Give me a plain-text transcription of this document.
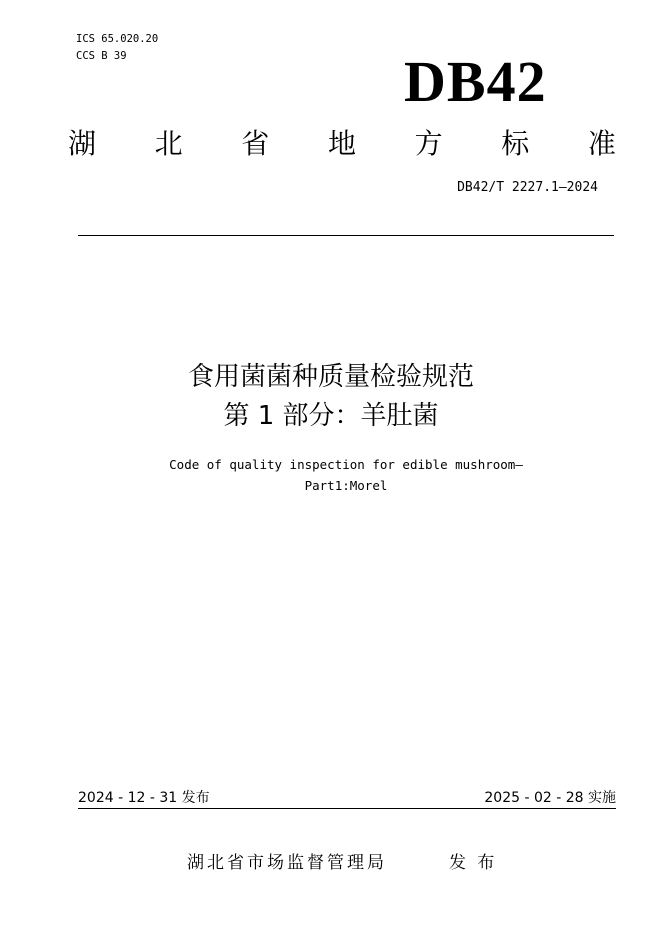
ICS 65.020.20
CCS B 39	DB42
湖 北 省 地 方 标 准
DB42/T 2227.1—2024
食用菌菌种质量检验规范
第 1 部分：羊肚菌
Code of quality inspection for edible mushroom—
Part1:Morel
2024 - 12 - 31 发布	2025 - 02 - 28 实施
湖北省市场监督管理局	发 布
